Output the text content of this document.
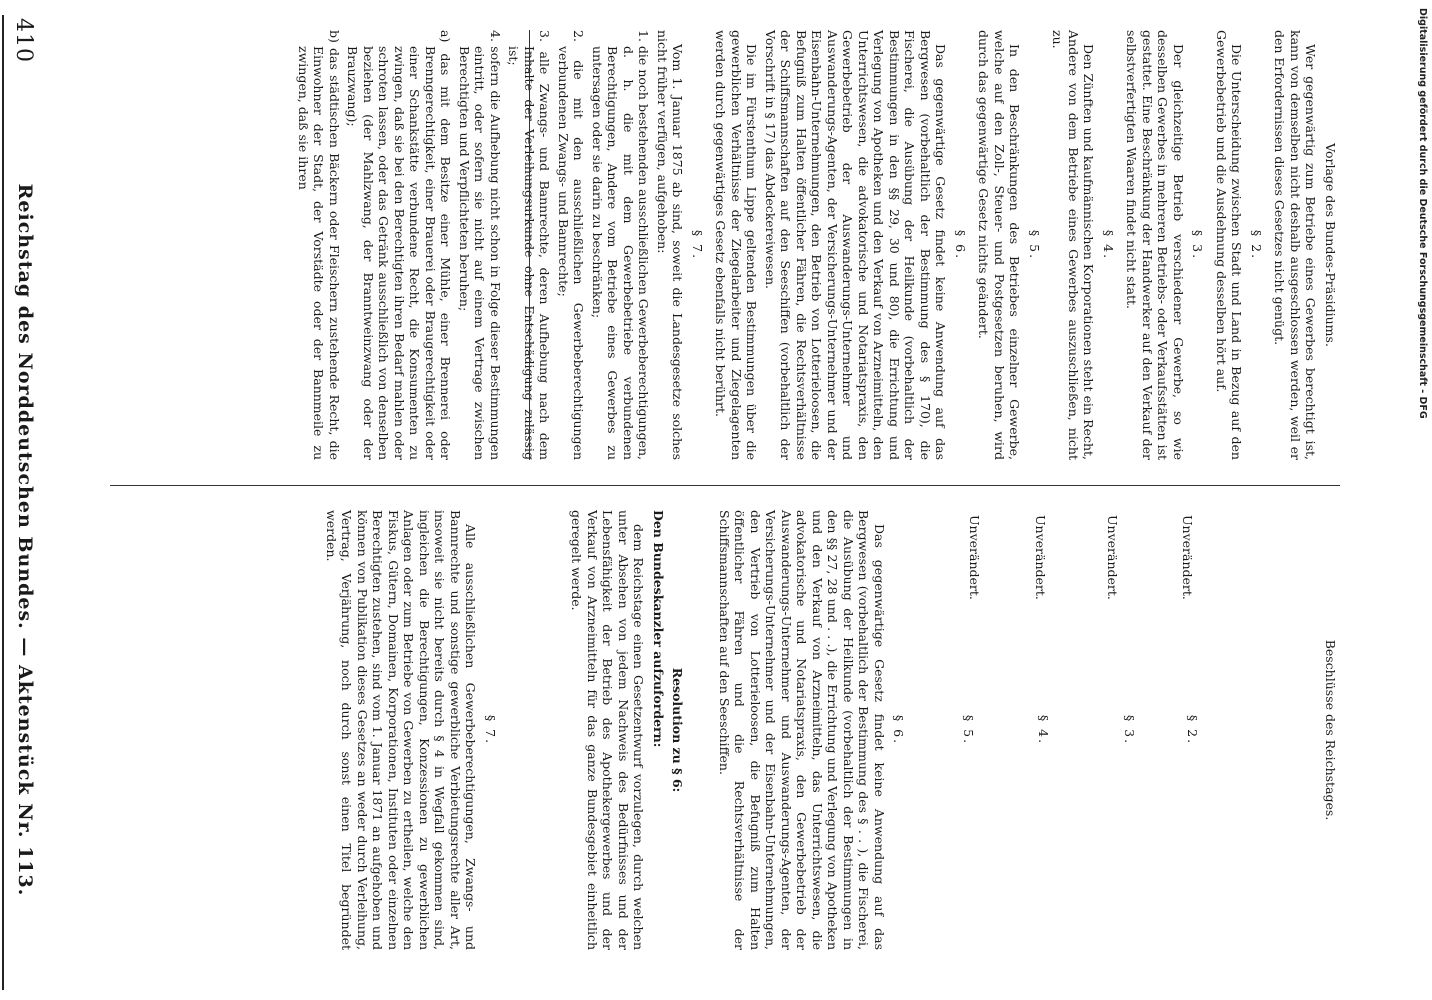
410
Reichstag des Norddeutschen Bundes. — Aktenstück Nr. 113.	Vorlage des Bundes-Präsidiums.

Wer gegenwärtig zum Betriebe eines Gewerbes berechtigt ist, kann von demselben nicht deshalb ausgeschlossen werden, weil er den Erfordernissen dieses Gesetzes nicht genügt.

§ 2.

Die Unterscheidung zwischen Stadt und Land in Bezug auf den Gewerbebetrieb und die Ausdehnung desselben hört auf.

§ 3.

Der gleichzeitige Betrieb verschiedener Gewerbe, so wie desselben Gewerbes in mehreren Betriebs- oder Verkaufsstätten ist gestattet. Eine Beschränkung der Handwerker auf den Verkauf der selbstverfertigten Waaren findet nicht statt.

§ 4.

Den Zünften und kaufmännischen Korporationen steht ein Recht, Andere von dem Betriebe eines Gewerbes auszuschließen, nicht zu.

§ 5.

In den Beschränkungen des Betriebes einzelner Gewerbe, welche auf den Zoll-, Steuer- und Postgesetzen beruhen, wird durch das gegenwärtige Gesetz nichts geändert.

§ 6.

Das gegenwärtige Gesetz findet keine Anwendung auf das Bergwesen (vorbehaltlich der Bestimmung des § 170), die Fischerei, die Ausübung der Heilkunde (vorbehaltlich der Bestimmungen in den §§ 29, 30 und 80), die Errichtung und Verlegung von Apotheken und den Verkauf von Arzneimitteln, den Unterrichtswesen, die advokatorische und Notariatspraxis, den Gewerbebetrieb der Auswanderungs-Unternehmer und Auswanderungs-Agenten, der Versicherungs-Unternehmer und der Eisenbahn-Unternehmungen, den Betrieb von Lotterieloosen, die Befugniß zum Halten öffentlicher Fähren, die Rechtsverhältnisse der Schiffsmannschaften auf den Seeschiffen (vorbehaltlich der Vorschrift in § 17) das Abdeckereiwesen.

Die im Fürstenthum Lippe geltenden Bestimmungen über die gewerblichen Verhältnisse der Ziegelarbeiter und Ziegelagenten werden durch gegenwärtiges Gesetz ebenfalls nicht berührt.

§ 7.

Vom 1. Januar 1875 ab sind, soweit die Landesgesetze solches nicht früher verfügen, aufgehoben:

1. die noch bestehenden ausschließlichen Gewerbeberechtigungen, d. h. die mit dem Gewerbebetriebe verbundenen Berechtigungen, Andere vom Betriebe eines Gewerbes zu untersagen oder sie darin zu beschränken;

2. die mit den ausschließlichen Gewerbeberechtigungen verbundenen Zwangs- und Bannrechte;

3. alle Zwangs- und Bannrechte, deren Aufhebung nach dem Inhalte der Verleihungsurkunde ohne Entschädigung zulässig ist;

4. sofern die Aufhebung nicht schon in Folge dieser Bestimmungen eintritt, oder sofern sie nicht auf einem Vertrage zwischen Berechtigten und Verpflichteten beruhen;

a) das mit dem Besitze einer Mühle, einer Brennerei oder Brenngerechtigkeit, einer Brauerei oder Braugerechtigkeit oder einer Schankstätte verbundene Recht, die Konsumenten zu zwingen, daß sie bei den Berechtigten ihren Bedarf mahlen oder schroten lassen, oder das Getränk ausschließlich von denselben beziehen (der Mahlzwang, der Branntweinzwang oder der Brauzwang);

b) das städtischen Bäckern oder Fleischern zustehende Recht, die Einwohner der Stadt, der Vorstädte oder der Bannmeile zu zwingen, daß sie ihren

Beschlüsse des Reichstages.

§ 2.

§ 3.

§ 4.

§ 5.

§ 6.

Das gegenwärtige Gesetz findet keine Anwendung auf das Bergwesen (vorbehaltlich der Bestimmung des § . . ), die Fischerei, die Ausübung der Heilkunde (vorbehaltlich der Bestimmungen in den §§ 27, 28 und . . .), die Errichtung und Verlegung von Apotheken und den Verkauf von Arzneimitteln, das Unterrichtswesen, die advokatorische und Notariatspraxis, den Gewerbebetrieb der Auswanderungs-Unternehmer und Auswanderungs-Agenten, der Versicherungs-Unternehmer und der Eisenbahn-Unternehmungen, den Vertrieb von Lotterieloosen, die Befugniß zum Halten öffentlicher Fähren und die Rechtsverhältnisse der Schiffsmannschaften auf den Seeschiffen.

Resolution zu § 6:

Den Bundeskanzler aufzufordern:

dem Reichstage einen Gesetzentwurf vorzulegen, durch welchen unter Absehen von jedem Nachweis des Bedürfnisses und der Lebensfähigkeit der Betrieb des Apothekergewerbes und der Verkauf von Arzneimitteln für das ganze Bundesgebiet einheitlich geregelt werde.

§ 7.

Alle ausschließlichen Gewerbeberechtigungen, Zwangs- und Bannrechte und sonstige gewerbliche Verbietungsrechte aller Art, insoweit sie nicht bereits durch § 4 in Wegfall gekommen sind, ingleichen die Berechtigungen, Konzessionen zu gewerblichen Anlagen oder zum Betriebe von Gewerben zu ertheilen, welche den Fiskus, Gütern, Domainen, Korporationen, Instituten oder einzelnen Berechtigten zustehen, sind vom 1. Januar 1871 an aufgehoben und können von Publikation dieses Gesetzes an weder durch Verleihung, Vertrag, Verjährung, noch durch sonst einen Titel begründet werden.	Unverändert.
Unverändert.
Unverändert.
Unverändert.
Digitalisierung gefördert durch die Deutsche Forschungsgemeinschaft - DFG
